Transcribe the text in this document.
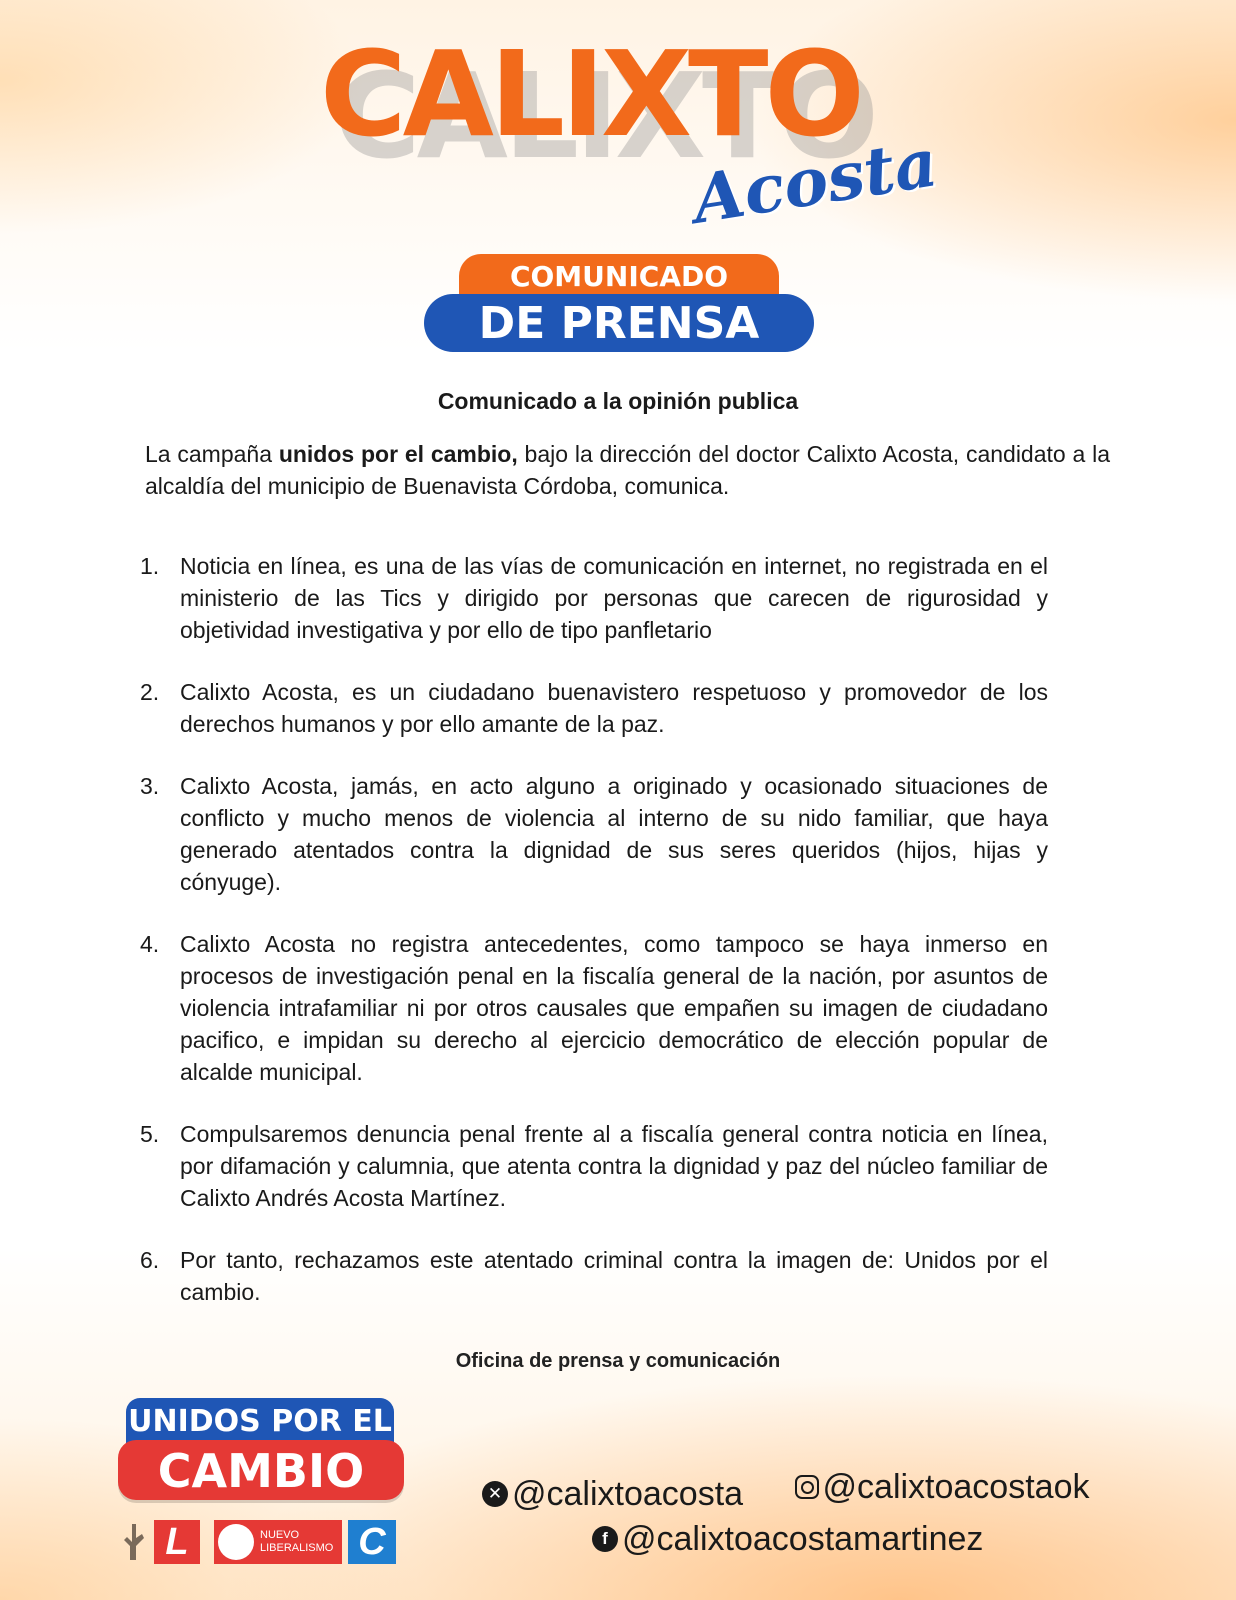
CALIXTO
Acosta
COMUNICADO
DE PRENSA
Comunicado a la opinión publica

La campaña unidos por el cambio, bajo la dirección del doctor Calixto Acosta, candidato a la alcaldía del municipio de Buenavista Córdoba, comunica.

1. Noticia en línea, es una de las vías de comunicación en internet, no registrada en el ministerio de las Tics y dirigido por personas que carecen de rigurosidad y objetividad investigativa y por ello de tipo panfletario
2. Calixto Acosta, es un ciudadano buenavistero respetuoso y promovedor de los derechos humanos y por ello amante de la paz.
3. Calixto Acosta, jamás, en acto alguno a originado y ocasionado situaciones de conflicto y mucho menos de violencia al interno de su nido familiar, que haya generado atentados contra la dignidad de sus seres queridos (hijos, hijas y cónyuge).
4. Calixto Acosta no registra antecedentes, como tampoco se haya inmerso en procesos de investigación penal en la fiscalía general de la nación, por asuntos de violencia intrafamiliar ni por otros causales que empañen su imagen de ciudadano pacifico, e impidan su derecho al ejercicio democrático de elección popular de alcalde municipal.
5. Compulsaremos denuncia penal frente al a fiscalía general contra noticia en línea, por difamación y calumnia, que atenta contra la dignidad y paz del núcleo familiar de Calixto Andrés Acosta Martínez.
6. Por tanto, rechazamos este atentado criminal contra la imagen de: Unidos por el cambio.
Oficina de prensa y comunicación
UNIDOS POR EL
CAMBIO
L	NUEVO
LIBERALISMO C
✕ @calixtoacosta
@calixtoacostaok
f @calixtoacostamartinez
